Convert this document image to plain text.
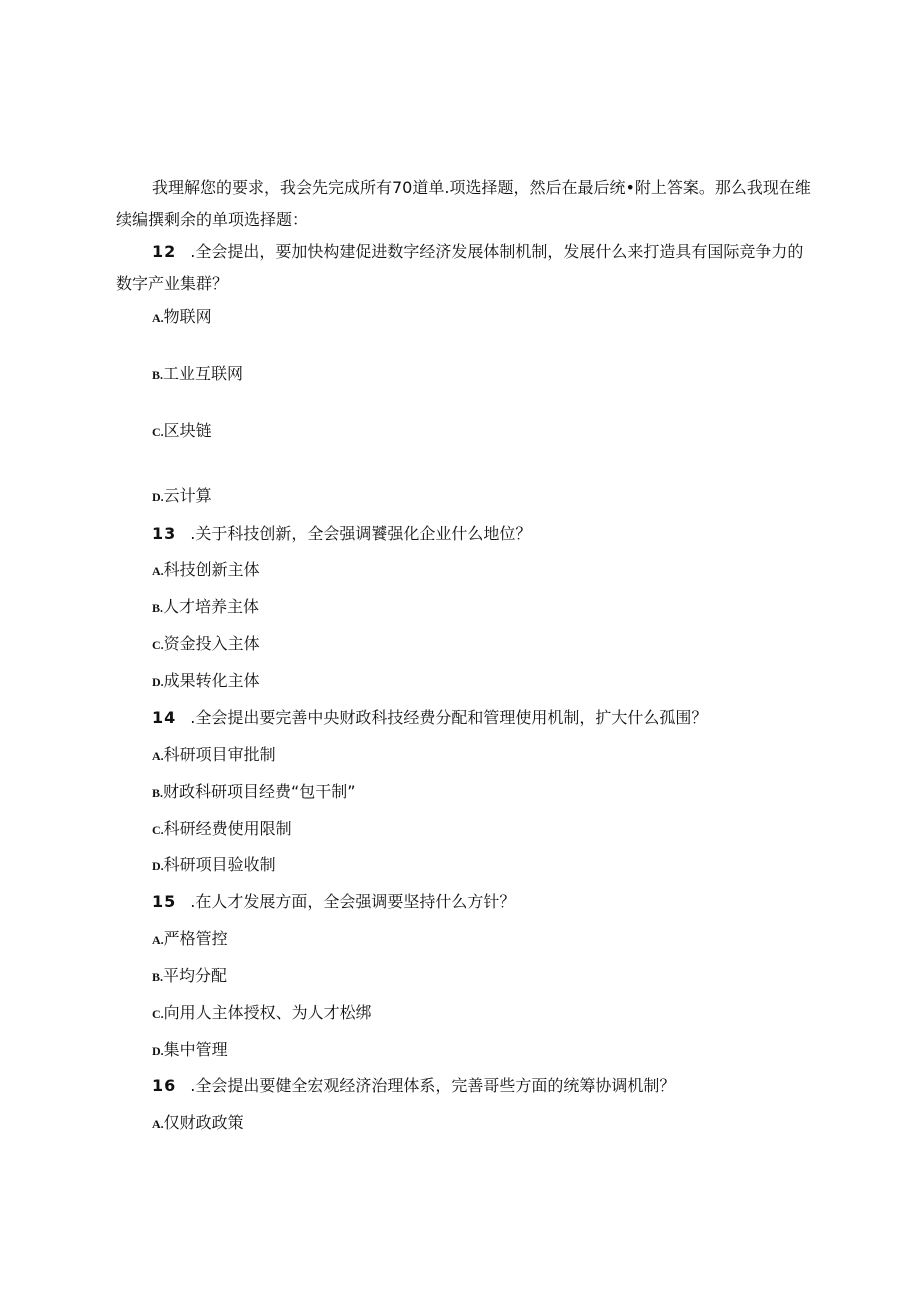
我理解您的要求，我会先完成所有70道单.项选择题，然后在最后统•附上答案。那么我现在维续编撰剩余的单项选择题：
12 .全会提出，要加快构建促进数字经济发展体制机制，发展什么来打造具有国际竞争力的数字产业集群？
A.物联网
B.工业互联网
C.区块链
D.云计算
13 .关于科技创新，全会强调饕强化企业什么地位？
A.科技创新主体
B.人才培养主体
C.资金投入主体
D.成果转化主体
14 .全会提出要完善中央财政科技经费分配和管理使用机制，扩大什么孤围？
A.科研项目审批制
B.财政科研项目经费“包干制”
C.科研经费使用限制
D.科研项目验收制
15 .在人才发展方面，全会强调要坚持什么方针？
A.严格管控
B.平均分配
C.向用人主体授权、为人才松绑
D.集中管理
16 .全会提出要健全宏观经济治理体系，完善哥些方面的统筹协调机制？
A.仅财政政策
